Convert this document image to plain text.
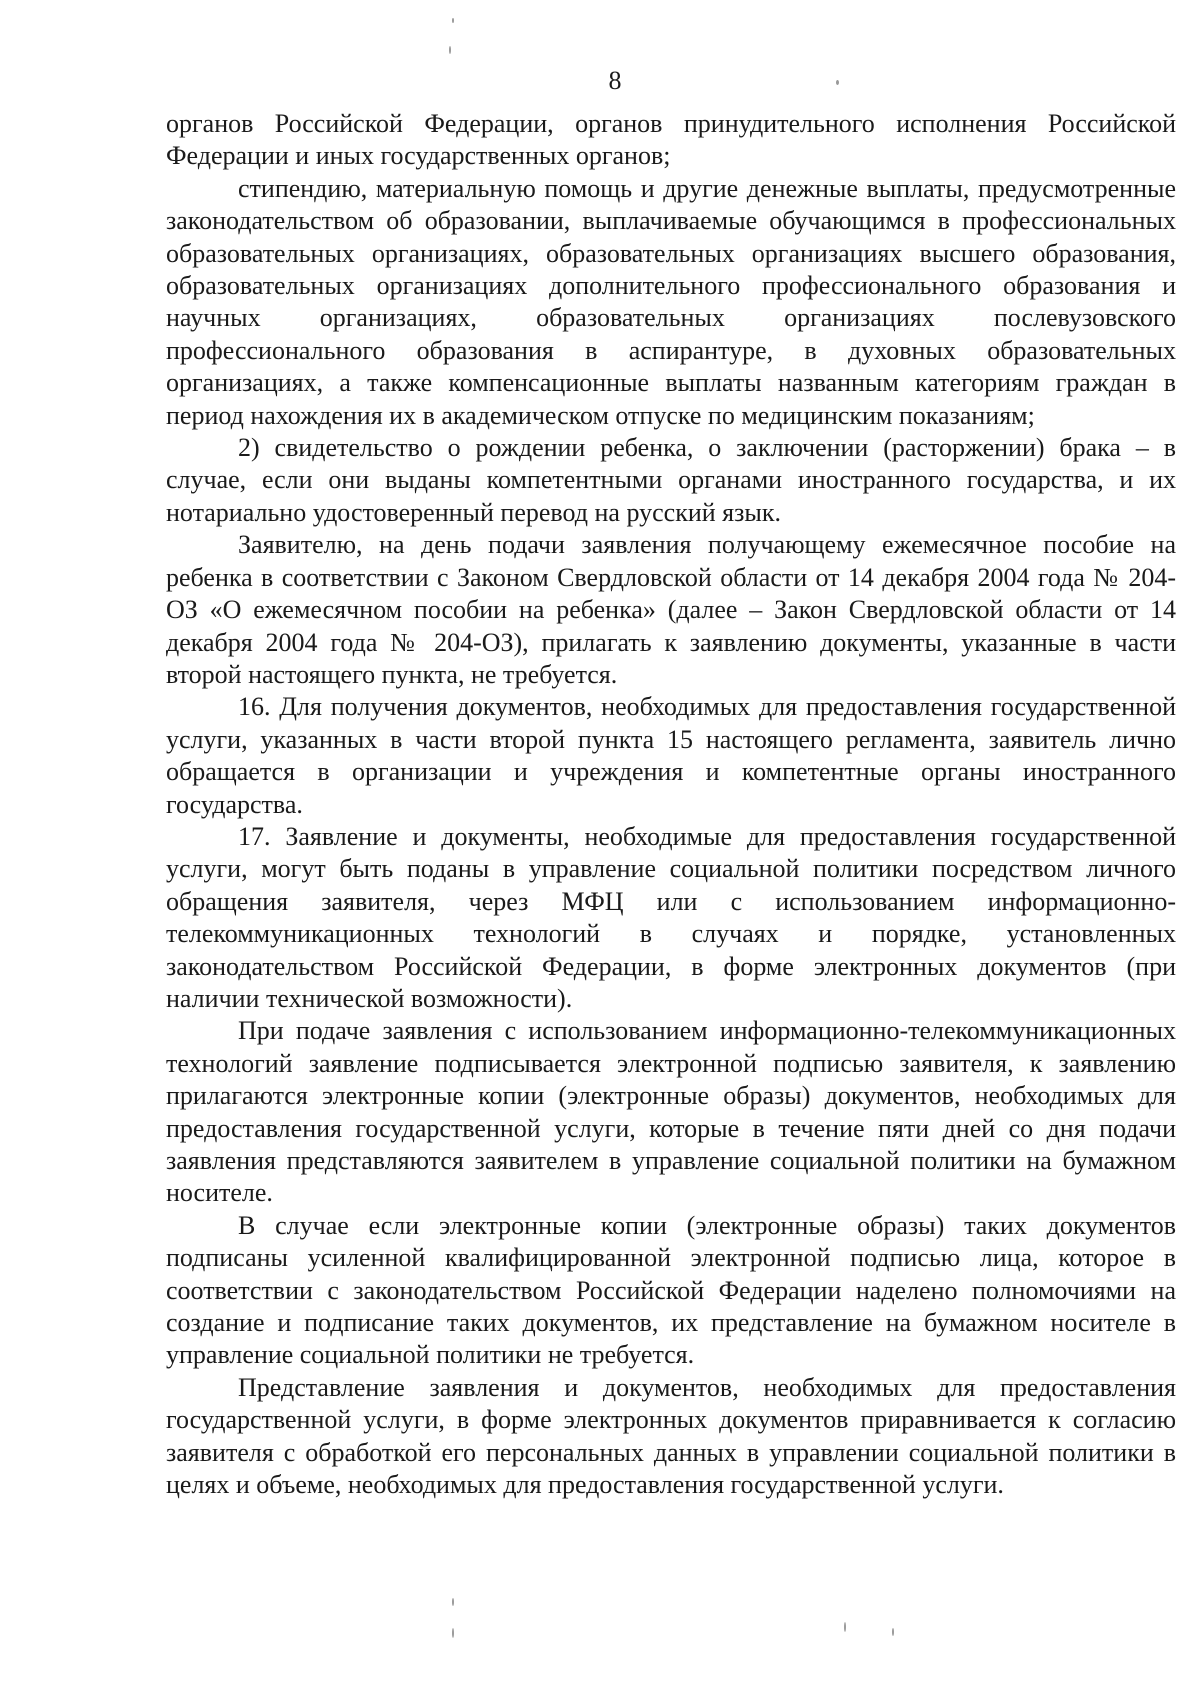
8

органов Российской Федерации, органов принудительного исполнения Российской Федерации и иных государственных органов;

стипендию, материальную помощь и другие денежные выплаты, предусмотренные законодательством об образовании, выплачиваемые обучающимся в профессиональных образовательных организациях, образовательных организациях высшего образования, образовательных организациях дополнительного профессионального образования и научных организациях, образовательных организациях послевузовского профессионального образования в аспирантуре, в духовных образовательных организациях, а также компенсационные выплаты названным категориям граждан в период нахождения их в академическом отпуске по медицинским показаниям;

2) свидетельство о рождении ребенка, о заключении (расторжении) брака – в случае, если они выданы компетентными органами иностранного государства, и их нотариально удостоверенный перевод на русский язык.

Заявителю, на день подачи заявления получающему ежемесячное пособие на ребенка в соответствии с Законом Свердловской области от 14 декабря 2004 года № 204-ОЗ «О ежемесячном пособии на ребенка» (далее – Закон Свердловской области от 14 декабря 2004 года № 204-ОЗ), прилагать к заявлению документы, указанные в части второй настоящего пункта, не требуется.

16. Для получения документов, необходимых для предоставления государственной услуги, указанных в части второй пункта 15 настоящего регламента, заявитель лично обращается в организации и учреждения и компетентные органы иностранного государства.

17. Заявление и документы, необходимые для предоставления государственной услуги, могут быть поданы в управление социальной политики посредством личного обращения заявителя, через МФЦ или с использованием информационно-телекоммуникационных технологий в случаях и порядке, установленных законодательством Российской Федерации, в форме электронных документов (при наличии технической возможности).

При подаче заявления с использованием информационно-телекоммуникационных технологий заявление подписывается электронной подписью заявителя, к заявлению прилагаются электронные копии (электронные образы) документов, необходимых для предоставления государственной услуги, которые в течение пяти дней со дня подачи заявления представляются заявителем в управление социальной политики на бумажном носителе.

В случае если электронные копии (электронные образы) таких документов подписаны усиленной квалифицированной электронной подписью лица, которое в соответствии с законодательством Российской Федерации наделено полномочиями на создание и подписание таких документов, их представление на бумажном носителе в управление социальной политики не требуется.

Представление заявления и документов, необходимых для предоставления государственной услуги, в форме электронных документов приравнивается к согласию заявителя с обработкой его персональных данных в управлении социальной политики в целях и объеме, необходимых для предоставления государственной услуги.
